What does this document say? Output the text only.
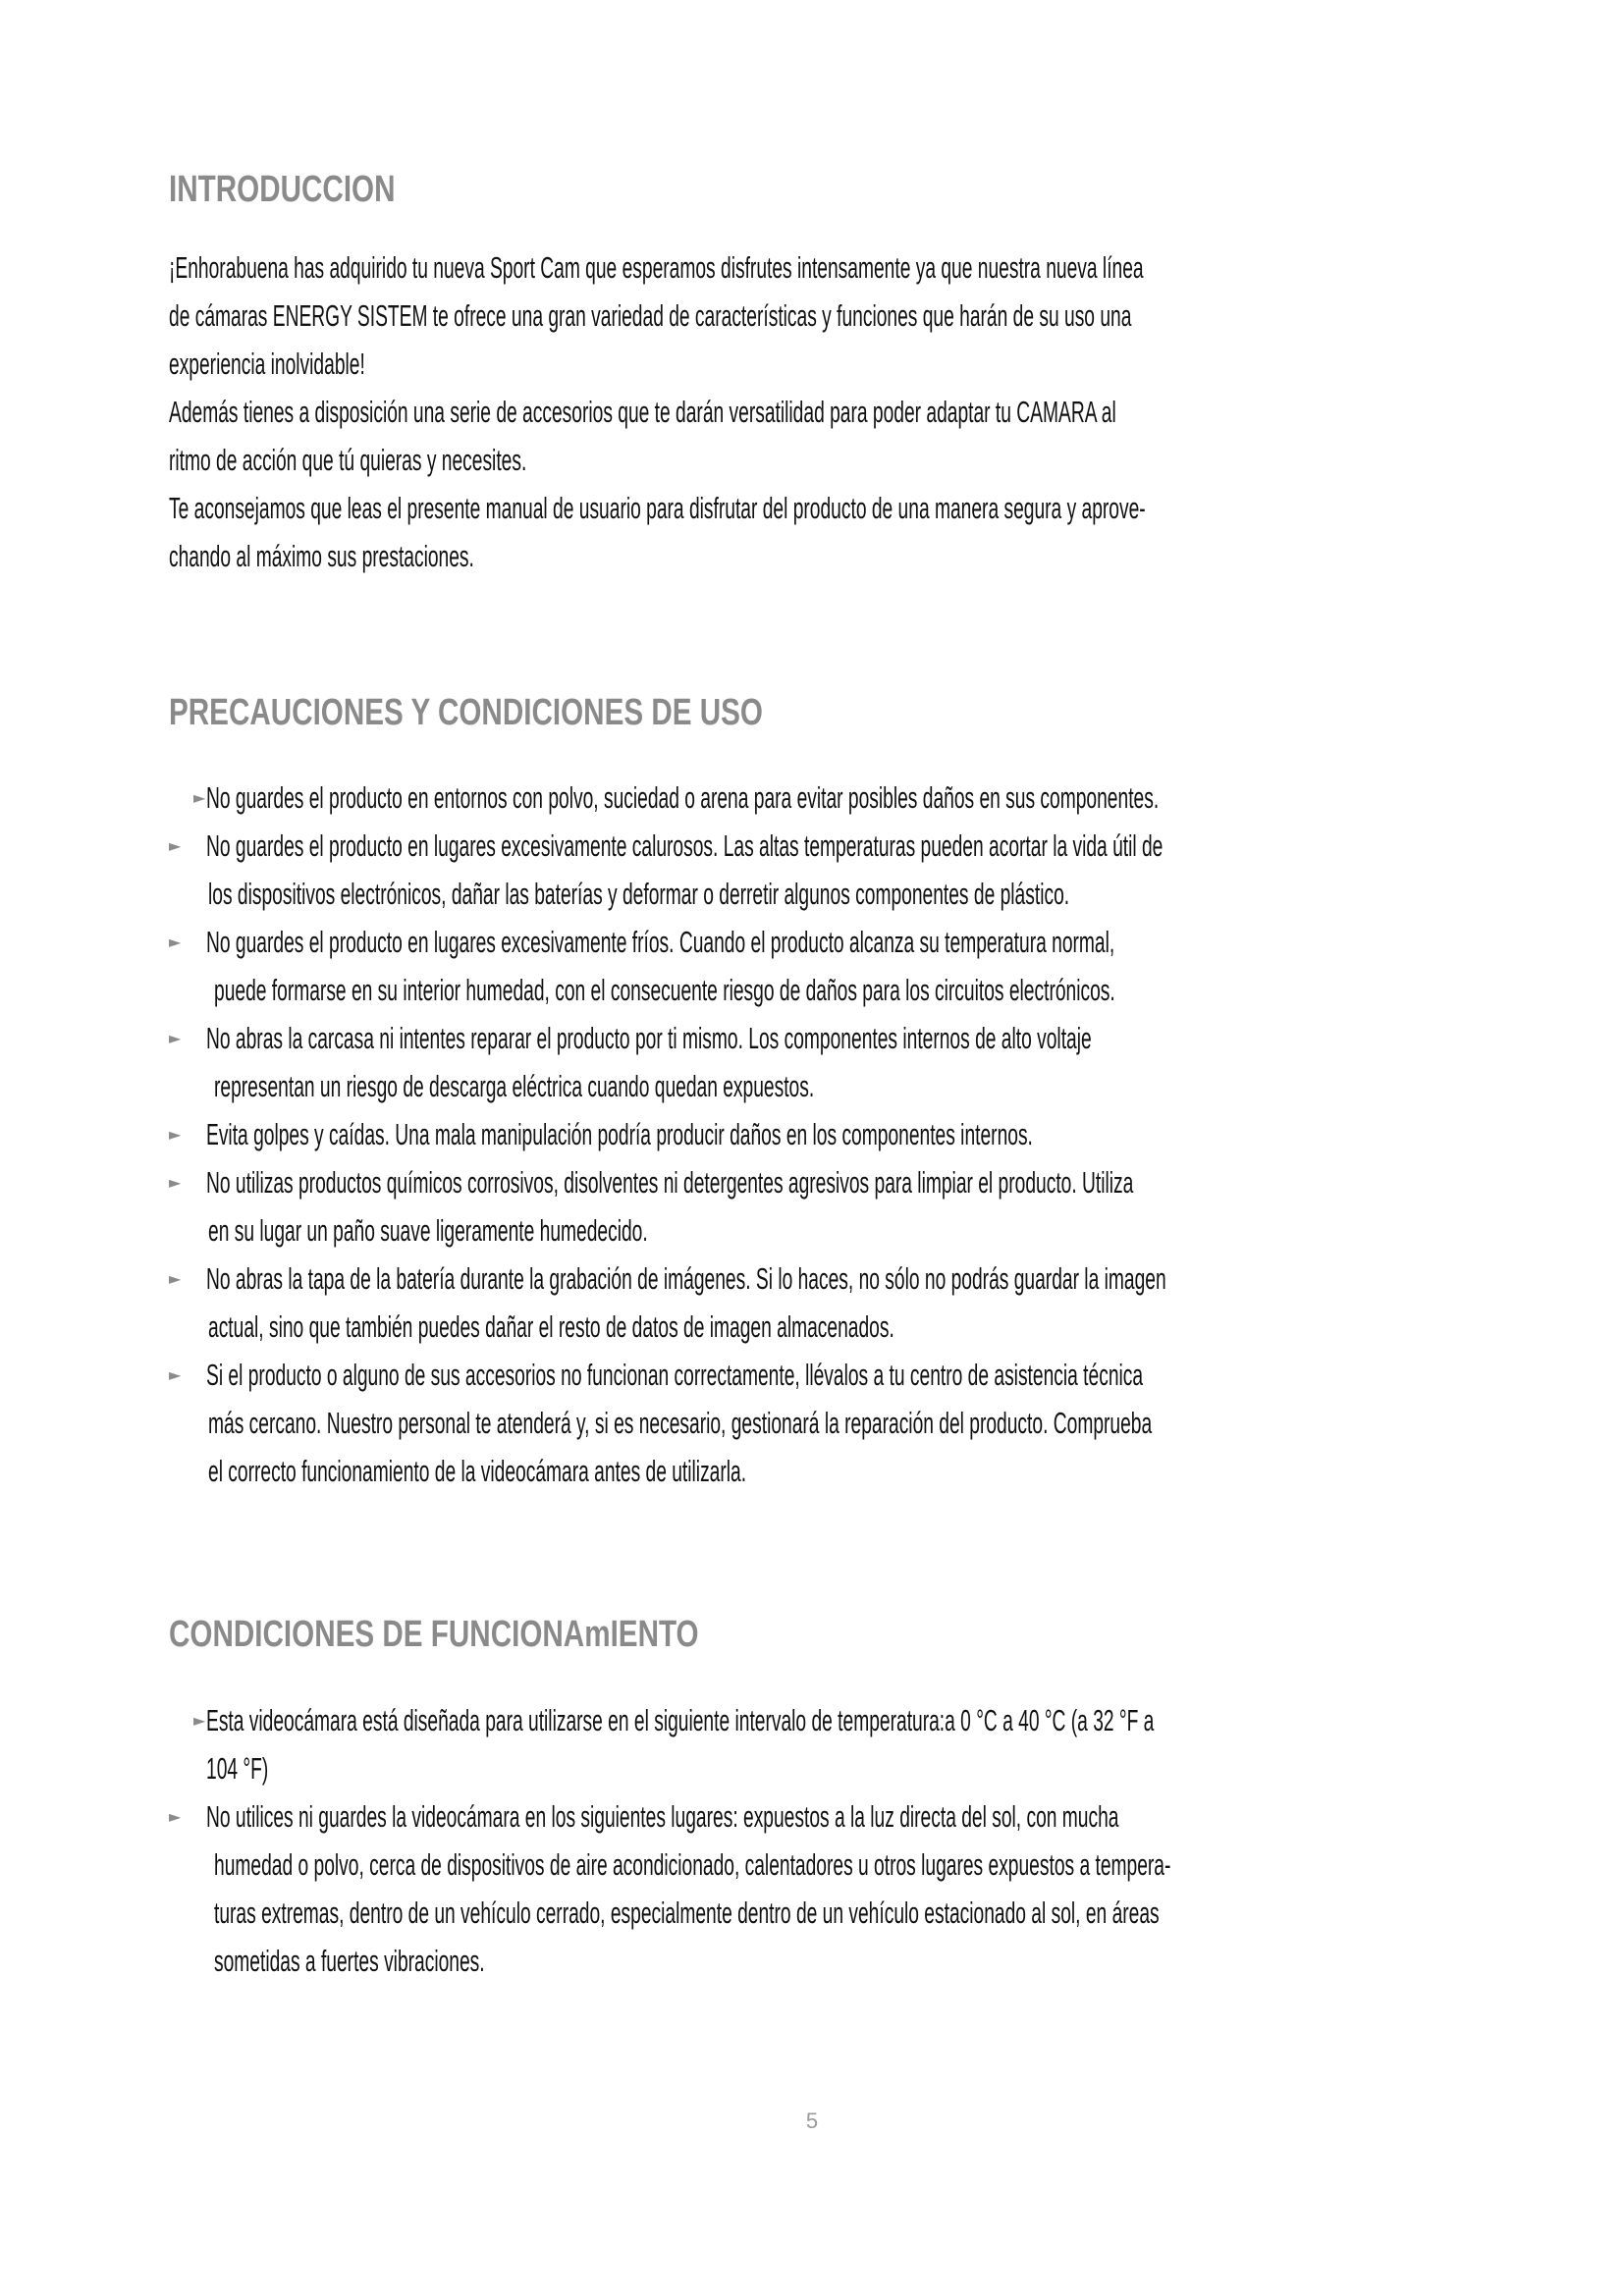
INTRODUCCION
¡Enhorabuena has adquirido tu nueva Sport Cam que esperamos disfrutes intensamente ya que nuestra nueva línea
de cámaras ENERGY SISTEM te ofrece una gran variedad de características y funciones que harán de su uso una
experiencia inolvidable!
Además tienes a disposición una serie de accesorios que te darán versatilidad para poder adaptar tu CAMARA al
ritmo de acción que tú quieras y necesites.
Te aconsejamos que leas el presente manual de usuario para disfrutar del producto de una manera segura y aprove-
chando al máximo sus prestaciones.
PRECAUCIONES Y CONDICIONES DE USO
► No guardes el producto en entornos con polvo, suciedad o arena para evitar posibles daños en sus componentes.
► No guardes el producto en lugares excesivamente calurosos. Las altas temperaturas pueden acortar la vida útil de
los dispositivos electrónicos, dañar las baterías y deformar o derretir algunos componentes de plástico.
► No guardes el producto en lugares excesivamente fríos. Cuando el producto alcanza su temperatura normal,
puede formarse en su interior humedad, con el consecuente riesgo de daños para los circuitos electrónicos.
► No abras la carcasa ni intentes reparar el producto por ti mismo. Los componentes internos de alto voltaje
representan un riesgo de descarga eléctrica cuando quedan expuestos.
► Evita golpes y caídas. Una mala manipulación podría producir daños en los componentes internos.
► No utilizas productos químicos corrosivos, disolventes ni detergentes agresivos para limpiar el producto. Utiliza
en su lugar un paño suave ligeramente humedecido.
► No abras la tapa de la batería durante la grabación de imágenes. Si lo haces, no sólo no podrás guardar la imagen
actual, sino que también puedes dañar el resto de datos de imagen almacenados.
► Si el producto o alguno de sus accesorios no funcionan correctamente, llévalos a tu centro de asistencia técnica
más cercano. Nuestro personal te atenderá y, si es necesario, gestionará la reparación del producto. Comprueba
el correcto funcionamiento de la videocámara antes de utilizarla.
CONDICIONES DE FUNCIONAmIENTO
► Esta videocámara está diseñada para utilizarse en el siguiente intervalo de temperatura:a 0 °C a 40 °C (a 32 °F a
104 °F)
► No utilices ni guardes la videocámara en los siguientes lugares: expuestos a la luz directa del sol, con mucha
humedad o polvo, cerca de dispositivos de aire acondicionado, calentadores u otros lugares expuestos a tempera-
turas extremas, dentro de un vehículo cerrado, especialmente dentro de un vehículo estacionado al sol, en áreas
sometidas a fuertes vibraciones.
5
